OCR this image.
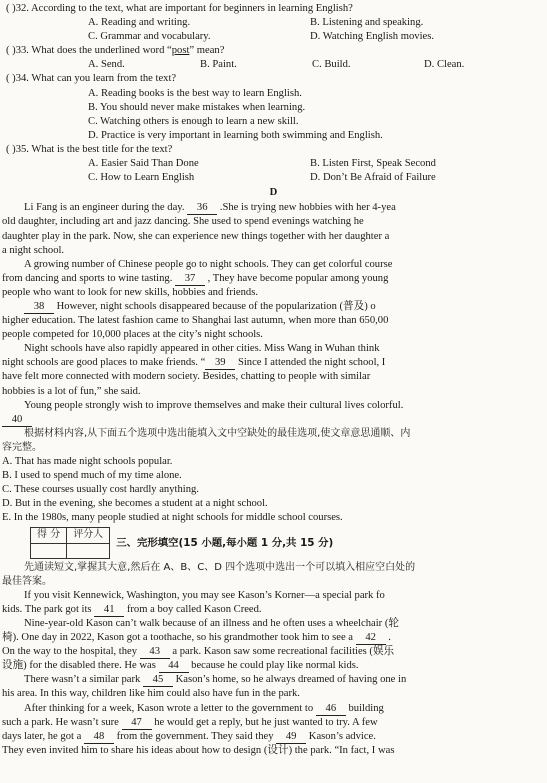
( )32. According to the text, what are important for beginners in learning English?
A. Reading and writing.	B. Listening and speaking.
C. Grammar and vocabulary.	D. Watching English movies.
( )33. What does the underlined word “post” mean?
A. Send.	B. Paint.	C. Build.	D. Clean.
( )34. What can you learn from the text?
A. Reading books is the best way to learn English.
B. You should never make mistakes when learning.
C. Watching others is enough to learn a new skill.
D. Practice is very important in learning both swimming and English.
( )35. What is the best title for the text?
A. Easier Said Than Done	B. Listen First, Speak Second
C. How to Learn English	D. Don’t Be Afraid of Failure
D
Li Fang is an engineer during the day. 36 .She is trying new hobbies with her 4-yea
old daughter, including art and jazz dancing. She used to spend evenings watching he
daughter play in the park. Now, she can experience new things together with her daughter a
a night school.
A growing number of Chinese people go to night schools. They can get colorful course
from dancing and sports to wine tasting. 37 , They have become popular among young
people who want to look for new skills, hobbies and friends.
38 However, night schools disappeared because of the popularization (普及) o
higher education. The latest fashion came to Shanghai last autumn, when more than 650,00
people competed for 10,000 places at the city’s night schools.
Night schools have also rapidly appeared in other cities. Miss Wang in Wuhan think
night schools are good places to make friends. “ 39 Since I attended the night school, I
have felt more connected with modern society. Besides, chatting to people with similar
hobbies is a lot of fun,” she said.
Young people strongly wish to improve themselves and make their cultural lives colorful.
40
根据材料内容,从下面五个选项中选出能填入文中空缺处的最佳选项,使文章意思通顺、内
容完整。
A. That has made night schools popular.
B. I used to spend much of my time alone.
C. These courses usually cost hardly anything.
D. But in the evening, she becomes a student at a night school.
E. In the 1980s, many people studied at night schools for middle school courses.
得 分	评分人

三、完形填空(15 小题,每小题 1 分,共 15 分)
先通读短文,掌握其大意,然后在 A、B、C、D 四个选项中选出一个可以填入相应空白处的
最佳答案。
If you visit Kennewick, Washington, you may see Kason’s Korner—a special park fo
kids. The park got its 41 from a boy called Kason Creed.
Nine-year-old Kason can’t walk because of an illness and he often uses a wheelchair (轮
椅). One day in 2022, Kason got a toothache, so his grandmother took him to see a 42 .
On the way to the hospital, they 43 a park. Kason saw some recreational facilities (娱乐
设施) for the disabled there. He was 44 because he could play like normal kids.
There wasn’t a similar park 45 Kason’s home, so he always dreamed of having one in
his area. In this way, children like him could also have fun in the park.
After thinking for a week, Kason wrote a letter to the government to 46 building
such a park. He wasn’t sure 47 he would get a reply, but he just wanted to try. A few
days later, he got a 48 from the government. They said they 49 Kason’s advice.
They even invited him to share his ideas about how to design (设计) the park. “In fact, I was
